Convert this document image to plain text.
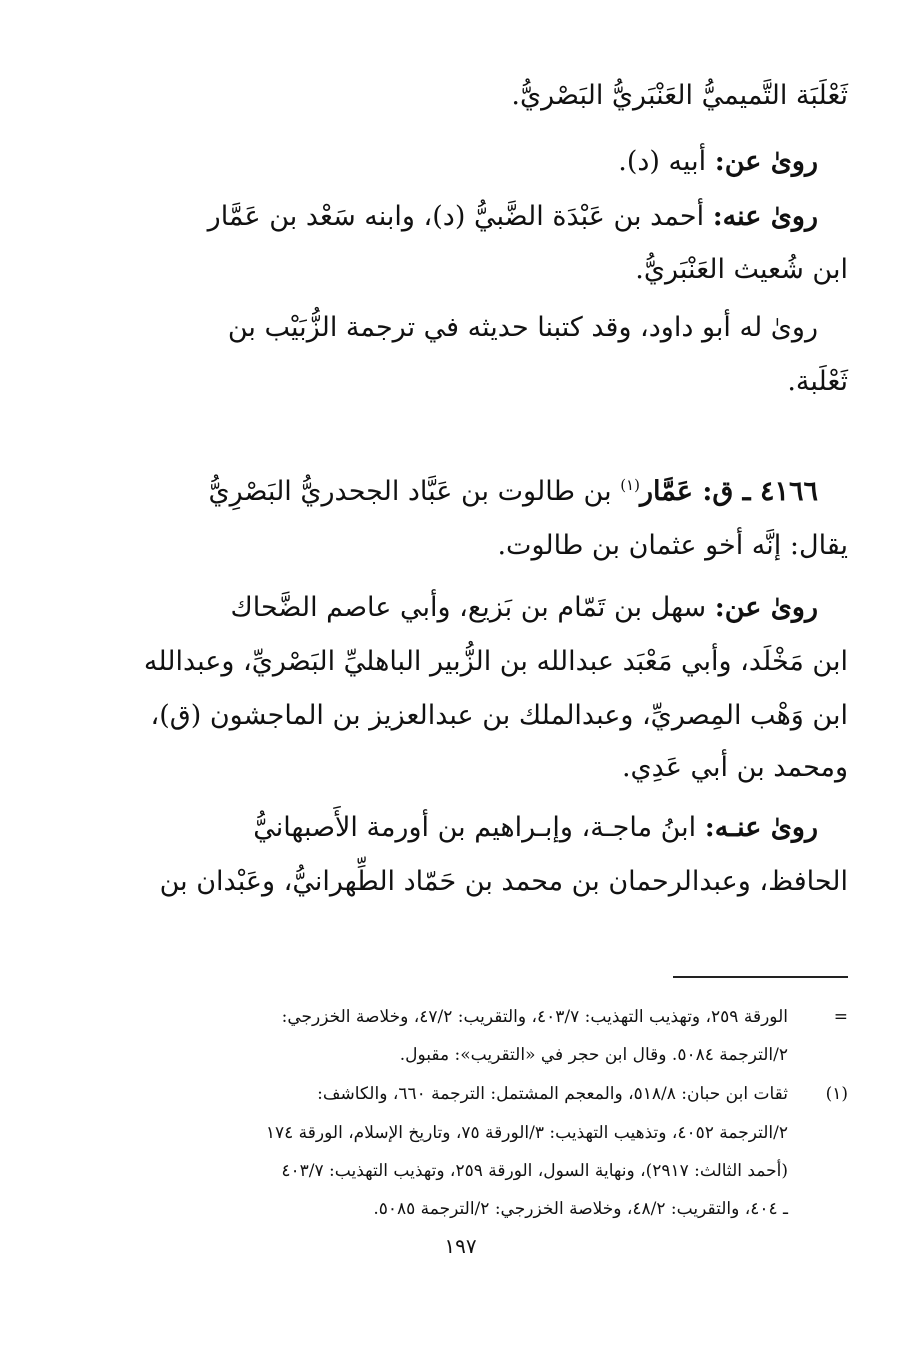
ثَعْلَبَة التَّميميُّ العَنْبَريُّ البَصْريُّ.
روىٰ عن: أبيه (د).
روىٰ عنه: أحمد بن عَبْدَة الضَّبيُّ (د)، وابنه سَعْد بن عَمَّار
ابن شُعيث العَنْبَريُّ.
روىٰ له أبو داود، وقد كتبنا حديثه في ترجمة الزُّبَيْب بن
ثَعْلَبة.
٤١٦٦ ـ ق: عَمَّار$^{(١)}$ بن طالوت بن عَبَّاد الجحدريُّ البَصْرِيُّ
يقال: إنَّه أخو عثمان بن طالوت.
روىٰ عن: سهل بن تَمّام بن بَزيع، وأبي عاصم الضَّحاك
ابن مَخْلَد، وأبي مَعْبَد عبدالله بن الزُّبير الباهليِّ البَصْريِّ، وعبدالله
ابن وَهْب المِصريِّ، وعبدالملك بن عبدالعزيز بن الماجشون (ق)،
ومحمد بن أبي عَدِي.
روىٰ عنـه: ابنُ ماجـة، وإبـراهيم بن أورمة الأَصبهانيُّ
الحافظ، وعبدالرحمان بن محمد بن حَمّاد الطِّهرانيُّ، وعَبْدان بن
=
الورقة ٢٥٩، وتهذيب التهذيب: ٤٠٣/٧، والتقريب: ٤٧/٢، وخلاصة الخزرجي:
٢/الترجمة ٥٠٨٤. وقال ابن حجر في «التقريب»: مقبول.
(١)
ثقات ابن حبان: ٥١٨/٨، والمعجم المشتمل: الترجمة ٦٦٠، والكاشف:
٢/الترجمة ٤٠٥٢، وتذهيب التهذيب: ٣/الورقة ٧٥، وتاريخ الإسلام، الورقة ١٧٤
(أحمد الثالث: ٢٩١٧)، ونهاية السول، الورقة ٢٥٩، وتهذيب التهذيب: ٤٠٣/٧
ـ ٤٠٤، والتقريب: ٤٨/٢، وخلاصة الخزرجي: ٢/الترجمة ٥٠٨٥.
١٩٧
